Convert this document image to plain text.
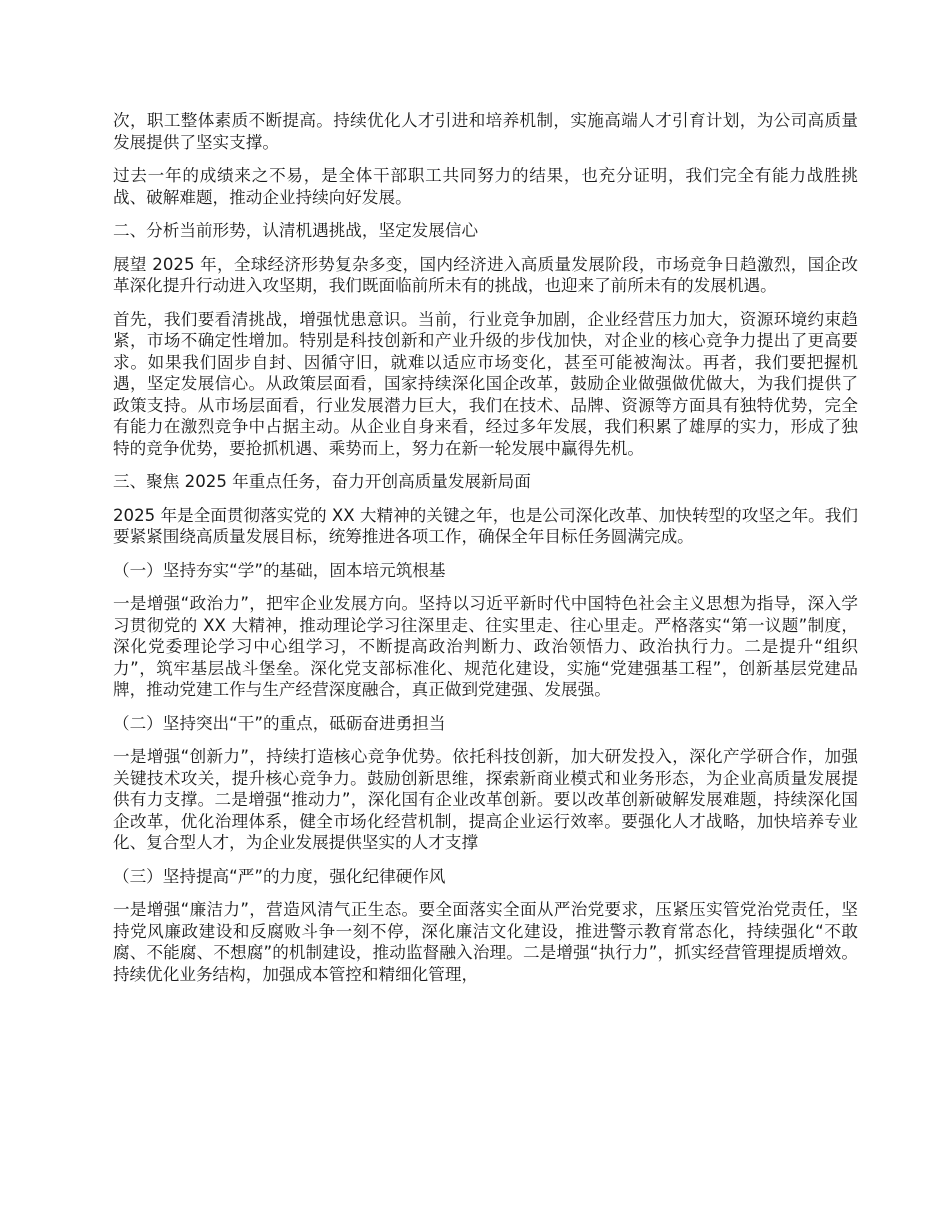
次，职工整体素质不断提高。持续优化人才引进和培养机制，实施高端人才引育计划，为公司高质量发展提供了坚实支撑。

过去一年的成绩来之不易，是全体干部职工共同努力的结果，也充分证明，我们完全有能力战胜挑战、破解难题，推动企业持续向好发展。

二、分析当前形势，认清机遇挑战，坚定发展信心

展望 2025 年，全球经济形势复杂多变，国内经济进入高质量发展阶段，市场竞争日趋激烈，国企改革深化提升行动进入攻坚期，我们既面临前所未有的挑战，也迎来了前所未有的发展机遇。

首先，我们要看清挑战，增强忧患意识。当前，行业竞争加剧，企业经营压力加大，资源环境约束趋紧，市场不确定性增加。特别是科技创新和产业升级的步伐加快，对企业的核心竞争力提出了更高要求。如果我们固步自封、因循守旧，就难以适应市场变化，甚至可能被淘汰。再者，我们要把握机遇，坚定发展信心。从政策层面看，国家持续深化国企改革，鼓励企业做强做优做大，为我们提供了政策支持。从市场层面看，行业发展潜力巨大，我们在技术、品牌、资源等方面具有独特优势，完全有能力在激烈竞争中占据主动。从企业自身来看，经过多年发展，我们积累了雄厚的实力，形成了独特的竞争优势，要抢抓机遇、乘势而上，努力在新一轮发展中赢得先机。

三、聚焦 2025 年重点任务，奋力开创高质量发展新局面

2025 年是全面贯彻落实党的 XX 大精神的关键之年，也是公司深化改革、加快转型的攻坚之年。我们要紧紧围绕高质量发展目标，统筹推进各项工作，确保全年目标任务圆满完成。

（一）坚持夯实“学”的基础，固本培元筑根基

一是增强“政治力”，把牢企业发展方向。坚持以习近平新时代中国特色社会主义思想为指导，深入学习贯彻党的 XX 大精神，推动理论学习往深里走、往实里走、往心里走。严格落实“第一议题”制度，深化党委理论学习中心组学习，不断提高政治判断力、政治领悟力、政治执行力。二是提升“组织力”，筑牢基层战斗堡垒。深化党支部标准化、规范化建设，实施“党建强基工程”，创新基层党建品牌，推动党建工作与生产经营深度融合，真正做到党建强、发展强。

（二）坚持突出“干”的重点，砥砺奋进勇担当

一是增强“创新力”，持续打造核心竞争优势。依托科技创新，加大研发投入，深化产学研合作，加强关键技术攻关，提升核心竞争力。鼓励创新思维，探索新商业模式和业务形态，为企业高质量发展提供有力支撑。二是增强“推动力”，深化国有企业改革创新。要以改革创新破解发展难题，持续深化国企改革，优化治理体系，健全市场化经营机制，提高企业运行效率。要强化人才战略，加快培养专业化、复合型人才，为企业发展提供坚实的人才支撑

（三）坚持提高“严”的力度，强化纪律硬作风

一是增强“廉洁力”，营造风清气正生态。要全面落实全面从严治党要求，压紧压实管党治党责任，坚持党风廉政建设和反腐败斗争一刻不停，深化廉洁文化建设，推进警示教育常态化，持续强化“不敢腐、不能腐、不想腐”的机制建设，推动监督融入治理。二是增强“执行力”，抓实经营管理提质增效。持续优化业务结构，加强成本管控和精细化管理，
